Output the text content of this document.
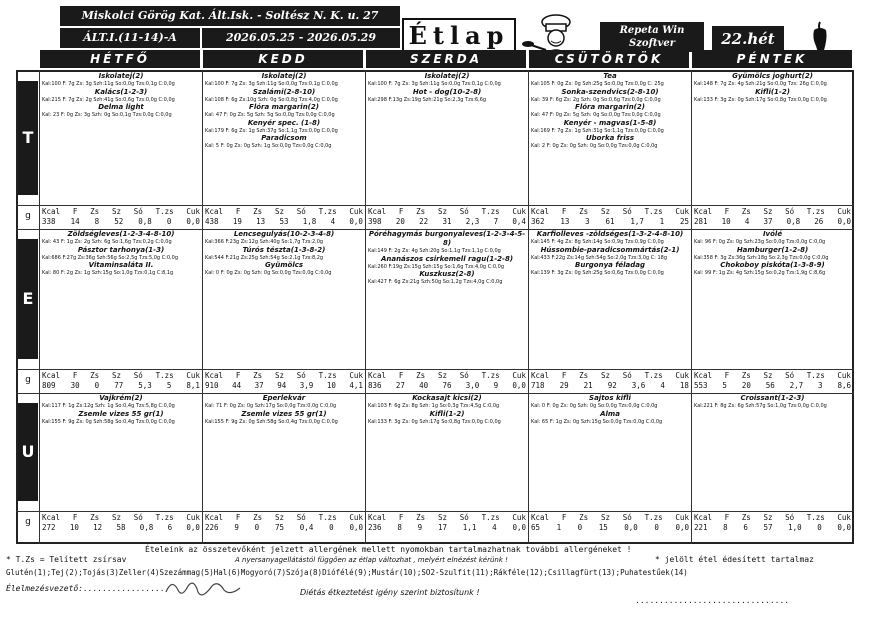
Miskolci Görög Kat. Ált.Isk. - Soltész N. K. u. 27
ÁLT.I.(11-14)-A	2026.05.25 - 2026.05.29	Étlap	Repeta Win
Szoftver	22.hét
HÉTFŐ	KEDD	SZERDA	CSÜTÖRTÖK	PÉNTEK
T
g
Iskolatej(2)
Kal:100 F: 7g Zs: 3g Szh:11g So:0,0g Tzs:0,1g C:0,0g
Kalács(1-2-3)
Kal:215 F: 7g Zs: 2g Szh:41g So:0,6g Tzs:0,0g C:0,0g
Delma light
Kal: 23 F: 0g Zs: 3g Szh: 0g So:0,1g Tzs:0,0g C:0,0g
Kcal F Zs Sz Só T.zs Cuk
338 14 8 52 0,8 0 0,0
Iskolatej(2)
Kal:100 F: 7g Zs: 3g Szh:11g So:0,0g Tzs:0,1g C:0,0g
Szalámi(2-8-10)
Kal:108 F: 6g Zs:10g Szh: 0g So:0,8g Tzs:4,0g C:0,0g
Flóra margarin(2)
Kal: 47 F: 0g Zs: 5g Szh: 5g So:0,0g Tzs:0,0g C:0,0g
Kenyér spec. (1-8)
Kal:179 F: 6g Zs: 1g Szh:37g So:1,1g Tzs:0,0g C:0,0g
Paradicsom
Kal: 5 F: 0g Zs: 0g Szh: 1g So:0,0g Tzs:0,0g C:0,0g
Kcal F Zs Sz Só T.zs Cuk
438 19 13 53 1,8 4 0,0
Iskolatej(2)
Kal:100 F: 7g Zs: 3g Szh:11g So:0,0g Tzs:0,1g C:0,0g
Hot - dog(10-2-8)
Kal:298 F:13g Zs:19g Szh:21g So:2,3g Tzs:6,6g
Kcal F Zs Sz Só T.zs Cuk
398 20 22 31 2,3 7 0,4
Tea
Kal:105 F: 0g Zs: 0g Szh:25g So:0,0g Tzs:0,0g C: 25g
Sonka-szendvics(2-8-10)
Kal: 39 F: 6g Zs: 2g Szh: 0g So:0,6g Tzs:0,0g C:0,0g
Flóra margarin(2)
Kal: 47 F: 0g Zs: 5g Szh: 0g So:0,0g Tzs:0,0g C:0,0g
Kenyér - magvas(1-5-8)
Kal:169 F: 7g Zs: 1g Szh:31g So:1,1g Tzs:0,0g C:0,0g
Uborka friss
Kal: 2 F: 0g Zs: 0g Szh: 0g So:0,0g Tzs:0,0g C:0,0g
Kcal F Zs Sz Só T.zs Cuk
362 13 3 61 1,7 1 25
Gyümölcs joghurt(2)
Kal:148 F: 7g Zs: 4g Szh:21g So:0,0g Tzs: 26g C:0,0g
Kifli(1-2)
Kal:133 F: 3g Zs: 0g Szh:17g So:0,8g Tzs:0,0g C:0,0g
Kcal F Zs Sz Só T.zs Cuk
281 10 4 37 0,8 26 0,0
E
g
Zöldségleves(1-2-3-4-8-10)
Kal: 43 F: 1g Zs: 2g Szh: 6g So:1,6g Tzs:0,2g C:0,0g
Pásztor tarhonya(1-3)
Kal:686 F:27g Zs:36g Szh:56g So:2,5g Tzs:5,0g C:0,0g
Vitaminsaláta II.
Kal: 80 F: 2g Zs: 1g Szh:15g So:1,0g Tzs:0,1g C:8,1g
Kcal F Zs Sz Só T.zs Cuk
809 30 0 77 5,3 5 8,1
Lencsegulyás(10-2-3-4-8)
Kal:366 F:23g Zs:12g Szh:40g So:1,7g Tzs:2,0g
Túrós tészta(1-3-8-2)
Kal:544 F:21g Zs:25g Szh:54g So:2,1g Tzs:8,2g
Gyümölcs
Kal: 0 F: 0g Zs: 0g Szh: 0g So:0,0g Tzs:0,0g C:0,0g
Kcal F Zs Sz Só T.zs Cuk
910 44 37 94 3,9 10 4,1
Póréhagymás burgonyaleves(1-2-3-4-5-8)
Kal:149 F: 2g Zs: 4g Szh:20g So:1,1g Tzs:1,1g C:0,0g
Ananászos csirkemell ragu(1-2-8)
Kal:260 F:19g Zs:15g Szh:15g So:1,6g Tzs:4,0g C:0,0g
Kuszkusz(2-8)
Kal:427 F: 6g Zs:21g Szh:50g So:1,2g Tzs:4,0g C:0,0g
Kcal F Zs Sz Só T.zs Cuk
836 27 40 76 3,0 9 0,0
Karfiolleves -zöldséges(1-3-2-4-8-10)
Kal:145 F: 4g Zs: 8g Szh:14g So:0,9g Tzs:0,9g C:0,0g
Hússombie-paradicsommártás(2-1)
Kal:433 F:22g Zs:14g Szh:54g So:2,0g Tzs:3,0g C: 18g
Burgonya féladag
Kal:139 F: 3g Zs: 0g Szh:25g So:0,6g Tzs:0,0g C:0,0g
Kcal F Zs Sz Só T.zs Cuk
718 29 21 92 3,6 4 18
Ivólé
Kal: 96 F: 0g Zs: 0g Szh:23g So:0,0g Tzs:0,0g C:0,0g
Hamburger(1-2-8)
Kal:358 F: 3g Zs:36g Szh:18g So:2,3g Tzs:0,0g C:0,0g
Chokoboy piskóta(1-3-8-9)
Kal: 99 F: 1g Zs: 4g Szh:15g So:0,2g Tzs:1,9g C:8,6g
Kcal F Zs Sz Só T.zs Cuk
553 5 20 56 2,7 3 8,6
U
g
Vajkrém(2)
Kal:117 F: 1g Zs:12g Szh: 1g So:0,4g Tzs:5,8g C:0,0g
Zsemle vizes 55 gr(1)
Kal:155 F: 9g Zs: 0g Szh:58g So:0,4g Tzs:0,0g C:0,0g
Kcal F Zs Sz Só T.zs Cuk
272 10 12 58 0,8 6 0,0
Eperlekvár
Kal: 71 F: 0g Zs: 0g Szh:17g So:0,0g Tzs:0,0g C:0,0g
Zsemle vizes 55 gr(1)
Kal:155 F: 9g Zs: 0g Szh:58g So:0,4g Tzs:0,0g C:0,0g
Kcal F Zs Sz Só T.zs Cuk
226 9 0 75 0,4 0 0,0
Kockasajt kicsi(2)
Kal:103 F: 6g Zs: 8g Szh: 1g So:0,3g Tzs:4,5g C:0,0g
Kifli(1-2)
Kal:133 F: 3g Zs: 0g Szh:17g So:0,8g Tzs:0,0g C:0,0g
Kcal F Zs Sz Só T.zs Cuk
236 8 9 17 1,1 4 0,0
Sajtos kifli
Kal: 0 F: 0g Zs: 0g Szh: 0g So:0,0g Tzs:0,0g C:0,0g
Alma
Kal: 65 F: 1g Zs: 0g Szh:15g So:0,0g Tzs:0,0g C:0,0g
Kcal F Zs Sz Só T.zs Cuk
65 1 0 15 0,0 0 0,0
Croissant(1-2-3)
Kal:221 F: 8g Zs: 6g Szh:57g So:1,0g Tzs:0,0g C:0,0g
Kcal F Zs Sz Só T.zs Cuk
221 8 6 57 1,0 0 0,0
Ételeink az összetevőként jelzett allergének mellett nyomokban tartalmazhatnak további allergéneket !
* T.Zs = Telített zsírsav	A nyersanyagellátástól függően az étlap változhat , melyért elnézést kérünk !	* jelölt étel édesített tartalmaz
Glutén(1);Tej(2);Tojás(3)Zeller(4)Szezámmag(5)Hal(6)Mogyoró(7)Szója(8)Diófélé(9);Mustár(10);SO2-Szulfit(11);Rákféle(12);Csillagfürt(13);Puhatestűek(14)
Élelmezésvezető:.................	Diétás étkeztetést igény szerint biztosítunk !
................................
